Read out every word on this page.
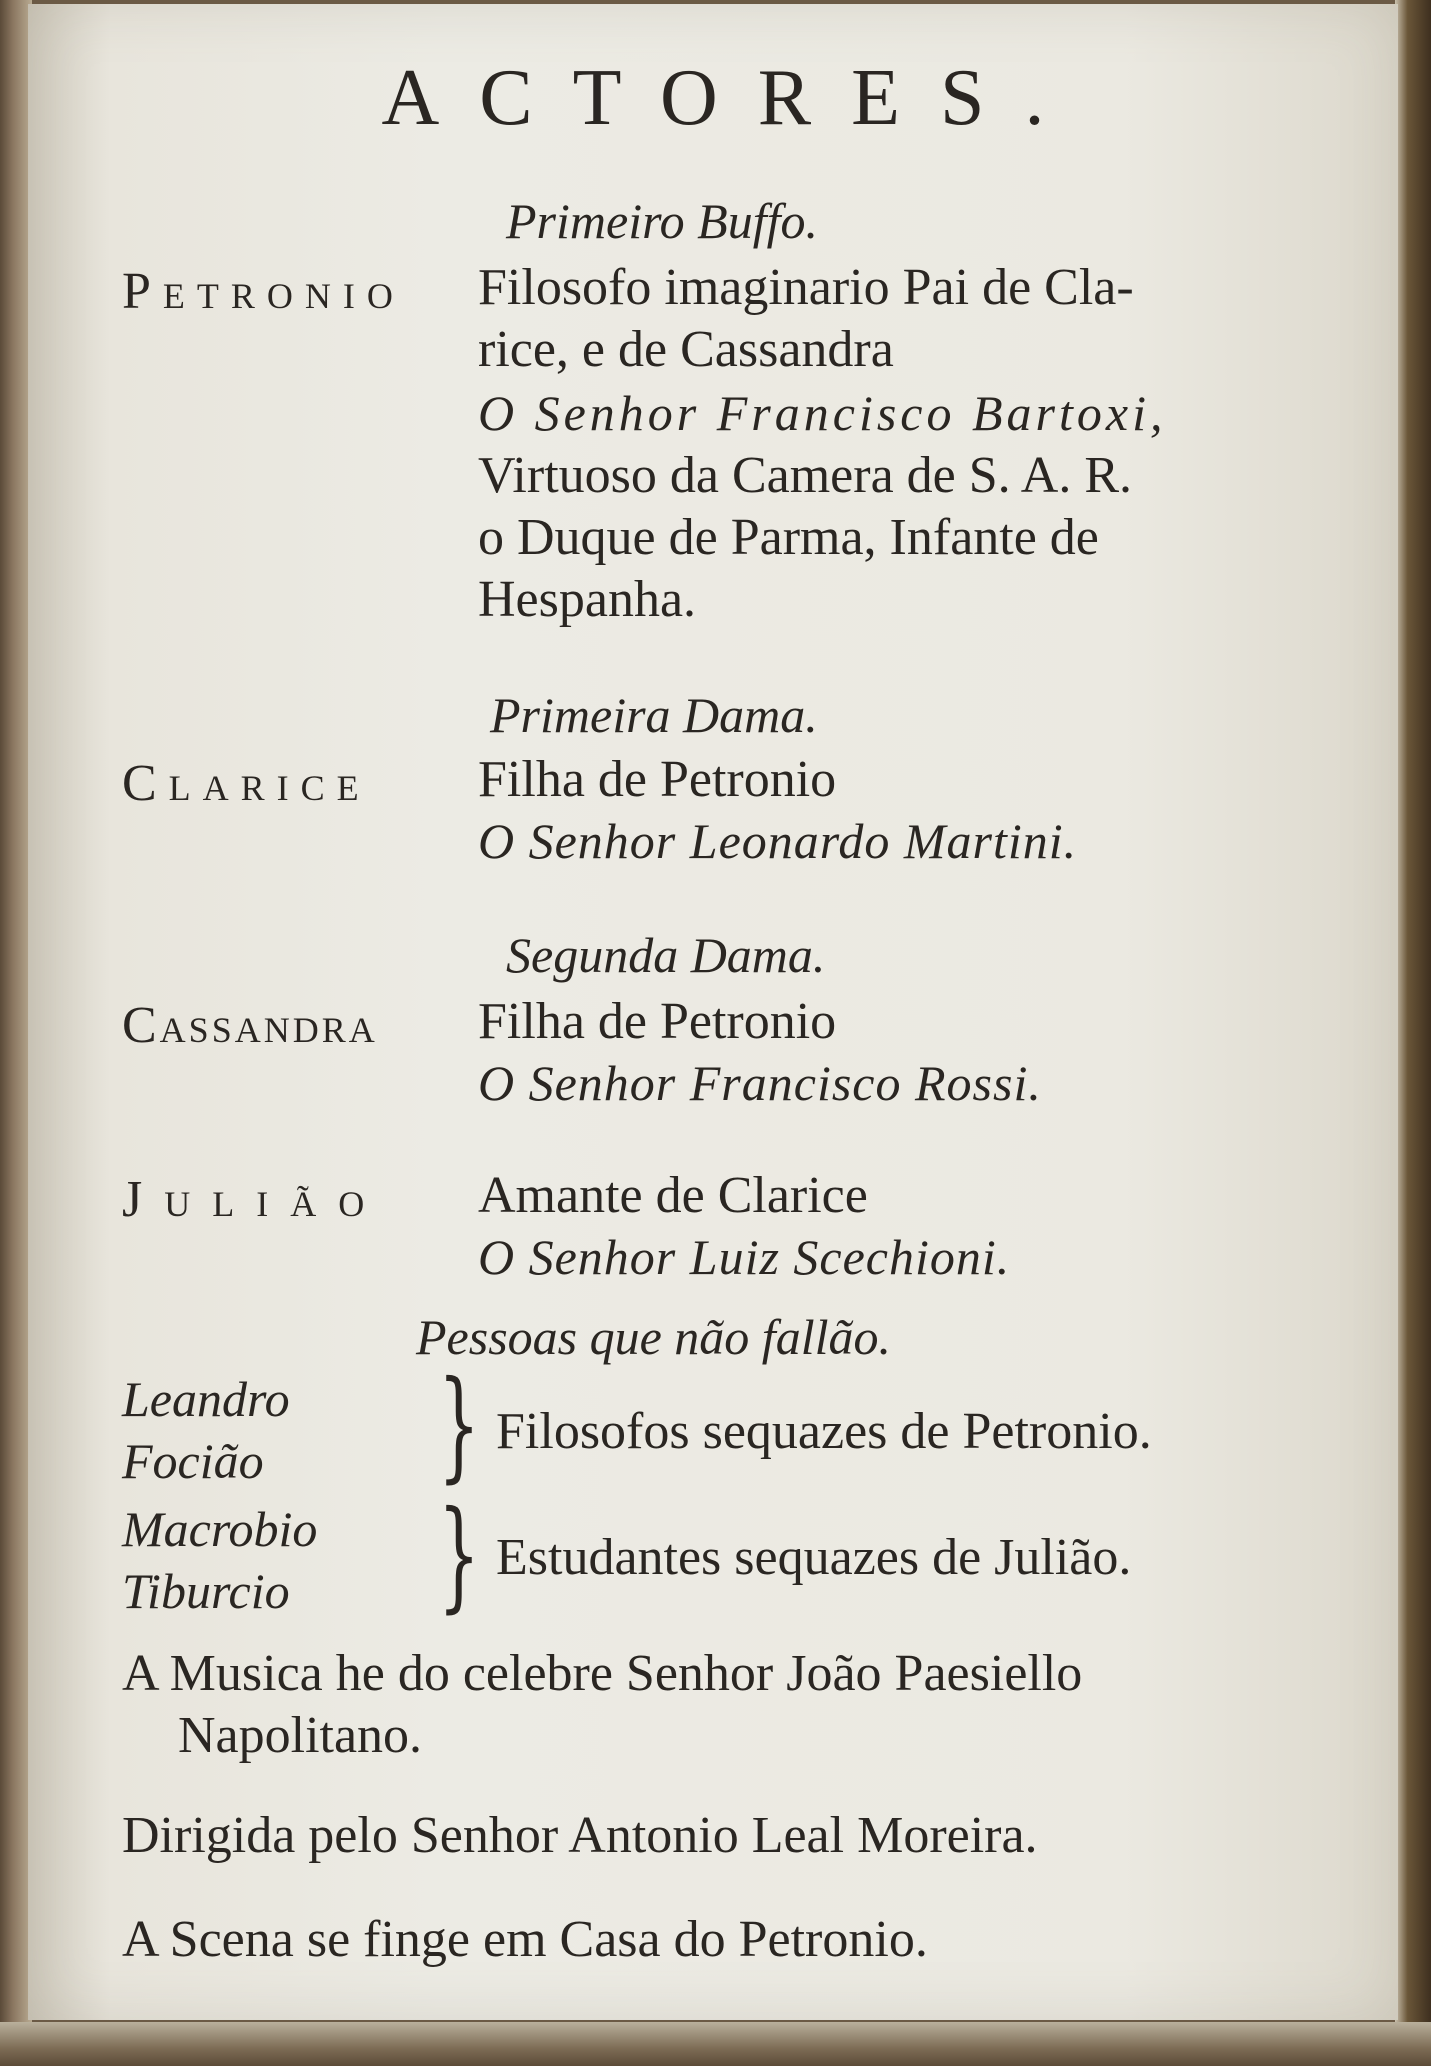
ACTORES.
Primeiro Buffo.
Petronio Filosofo imaginario Pai de Cla-
rice, e de Cassandra
O Senhor Francisco Bartoxi,
Virtuoso da Camera de S. A. R.
o Duque de Parma, Infante de
Hespanha.
Primeira Dama.
Clarice Filha de Petronio
O Senhor Leonardo Martini.
Segunda Dama.
Cassandra Filha de Petronio
O Senhor Francisco Rossi.
Julião Amante de Clarice
O Senhor Luiz Scechioni.
Pessoas que não fallão.
Leandro
Focião } Filosofos sequazes de Petronio.
Macrobio
Tiburcio } Estudantes sequazes de Julião.
A Musica he do celebre Senhor João Paesiello
Napolitano.
Dirigida pelo Senhor Antonio Leal Moreira.
A Scena se finge em Casa do Petronio.
